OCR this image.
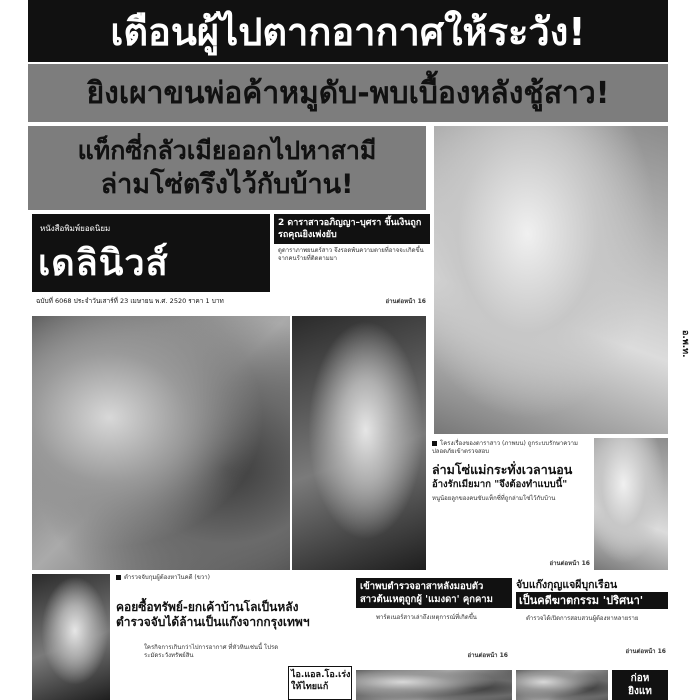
เตือนผู้ไปตากอากาศให้ระวัง!
ยิงเผาขนพ่อค้าหมูดับ-พบเบื้องหลังชู้สาว!
แท็กซี่กลัวเมียออกไปหาสามี
ล่ามโซ่ตรึงไว้กับบ้าน!
อ.พ.ท.
หนังสือพิมพ์ยอดนิยม
เดลินิวส์
ฉบับที่ 6068 ประจำวันเสาร์ที่ 23 เมษายน พ.ศ. 2520 ราคา 1 บาท
2 ดาราสาวอภิญญา–บุศรา ขึ้นเงินถูกรถคุณยิงเพ่งยับ
ดูดาราภาพยนตร์สาว จึงรอดพ้นความตายที่อาจจะเกิดขึ้นจากคนร้ายที่ติดตามมา
อ่านต่อหน้า 16
โครงเรื่องของดาราสาว (ภาพบน) ถูกระบบรักษาความปลอดภัยเข้าตรวจสอบ
ล่ามโซ่แม่กระทั่งเวลานอน
อ้างรักเมียมาก "จึงต้องทำแบบนี้"
หนูน้อยลูกของคนขับแท็กซี่ที่ถูกล่ามโซ่ไว้กับบ้าน
อ่านต่อหน้า 16
ตำรวจจับกุมผู้ต้องหาในคดี (ขวา)
คอยซื้อทรัพย์-ยกเค้าบ้านโลเป็นหลัง
ตำรวจจับได้ล้านเป็นแก๊งจากกรุงเทพฯ
ใครกิจการเกินกว่าไปการอากาศ ที่หัวหินเช่นนี้ โปรดระมัดระวังทรัพย์สิน
ไอ.แอล.โอ.เร่ง ให้ไทยแก้
เข้าพบตำรวจอาสาหลังมอบตัว
สาวต้นเหตุถูกผู้ 'แมงดา' คุกคาม
พาร์ตเนอร์สาวเล่าถึงเหตุการณ์ที่เกิดขึ้น
อ่านต่อหน้า 16
จับแก๊งกุญแจผีบุกเรือน
เป็นคดีฆาตกรรม 'ปริศนา'
ตำรวจได้เปิดการสอบสวนผู้ต้องหาหลายราย
อ่านต่อหน้า 16
ก่อห
ยิงแท
